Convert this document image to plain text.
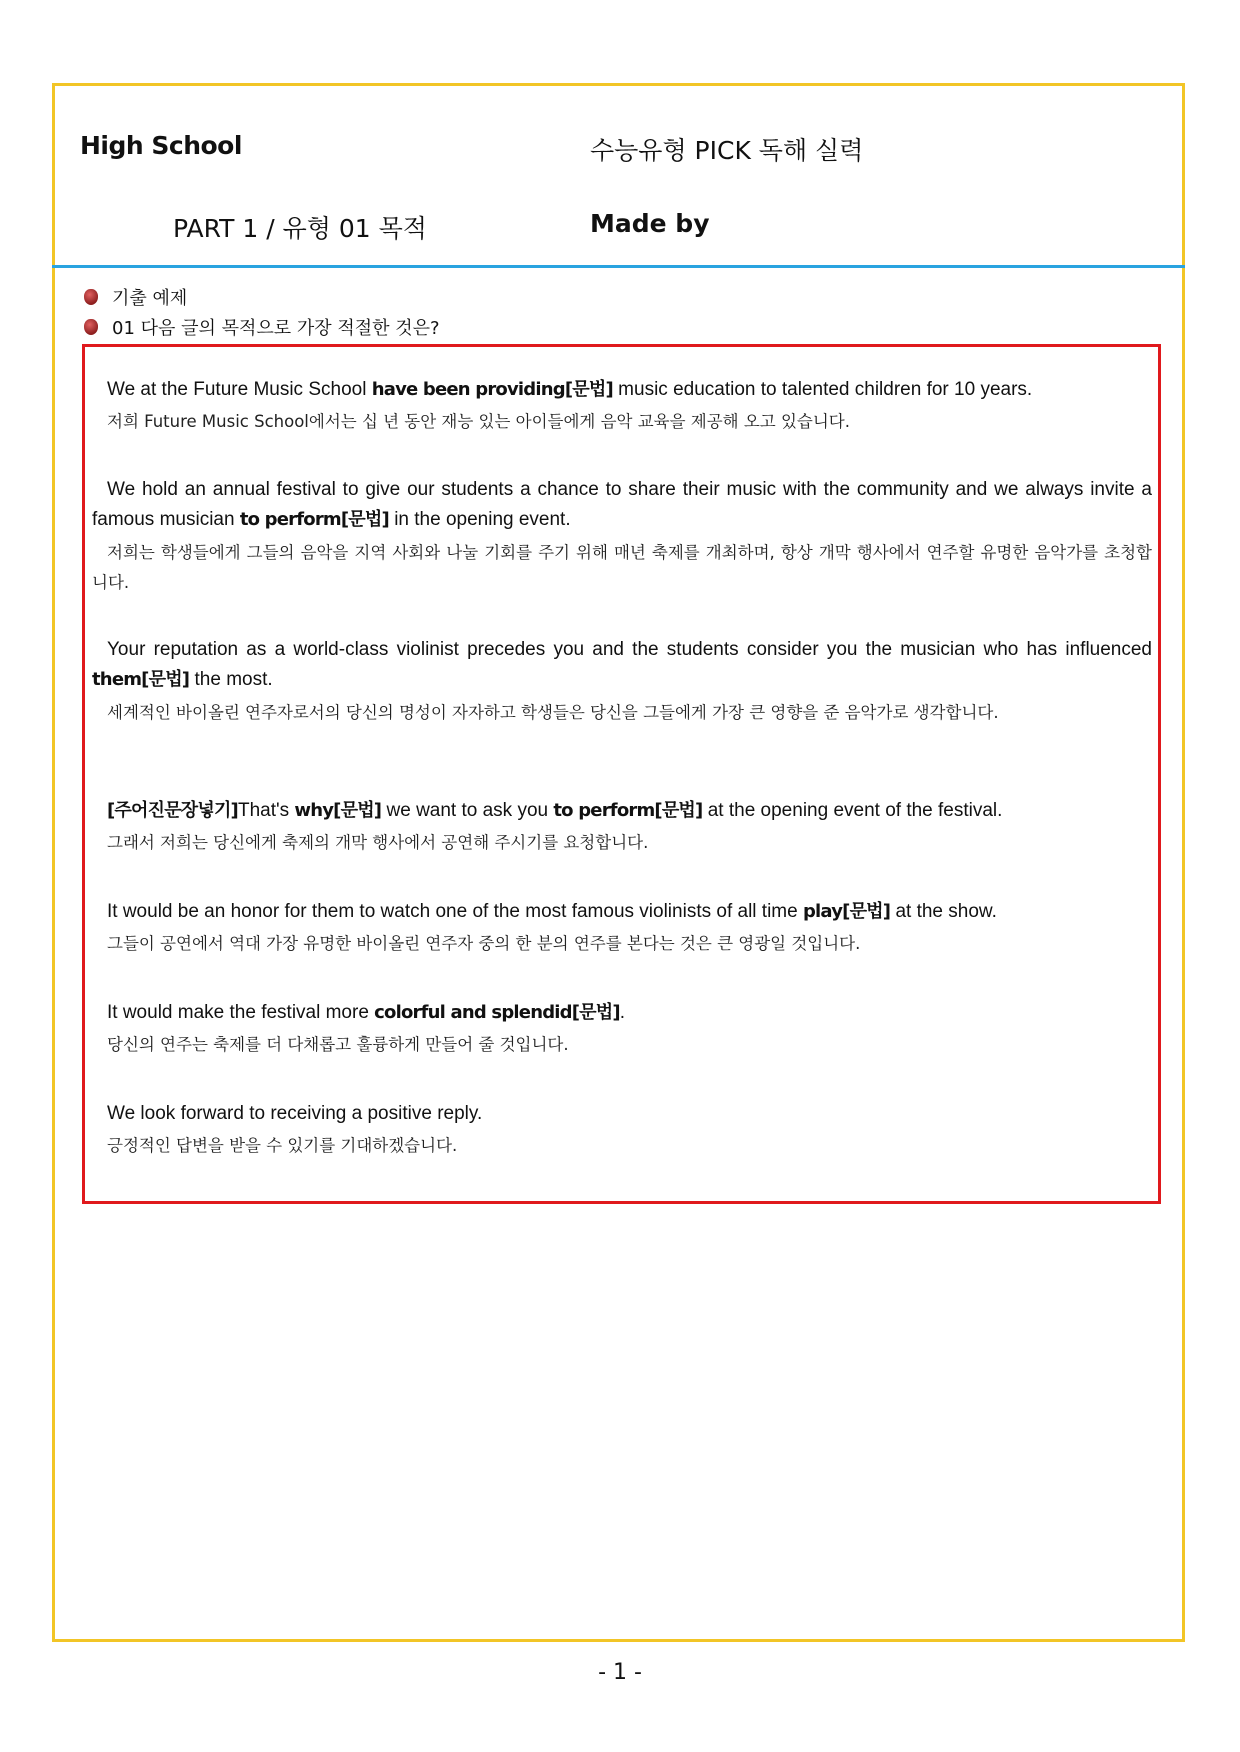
High School	수능유형 PICK 독해 실력
PART 1 / 유형 01 목적	Made by
기출 예제
01 다음 글의 목적으로 가장 적절한 것은?
We at the Future Music School have been providing[문법] music education to talented children for 10 years.
저희 Future Music School에서는 십 년 동안 재능 있는 아이들에게 음악 교육을 제공해 오고 있습니다.
We hold an annual festival to give our students a chance to share their music with the community and we always invite a famous musician to perform[문법] in the opening event.
저희는 학생들에게 그들의 음악을 지역 사회와 나눌 기회를 주기 위해 매년 축제를 개최하며, 항상 개막 행사에서 연주할 유명한 음악가를 초청합니다.
Your reputation as a world-class violinist precedes you and the students consider you the musician who has influenced them[문법] the most.
세계적인 바이올린 연주자로서의 당신의 명성이 자자하고 학생들은 당신을 그들에게 가장 큰 영향을 준 음악가로 생각합니다.
[주어진문장넣기]That's why[문법] we want to ask you to perform[문법] at the opening event of the festival.
그래서 저희는 당신에게 축제의 개막 행사에서 공연해 주시기를 요청합니다.
It would be an honor for them to watch one of the most famous violinists of all time play[문법] at the show.
그들이 공연에서 역대 가장 유명한 바이올린 연주자 중의 한 분의 연주를 본다는 것은 큰 영광일 것입니다.
It would make the festival more colorful and splendid[문법].
당신의 연주는 축제를 더 다채롭고 훌륭하게 만들어 줄 것입니다.
We look forward to receiving a positive reply.
긍정적인 답변을 받을 수 있기를 기대하겠습니다.
- 1 -
